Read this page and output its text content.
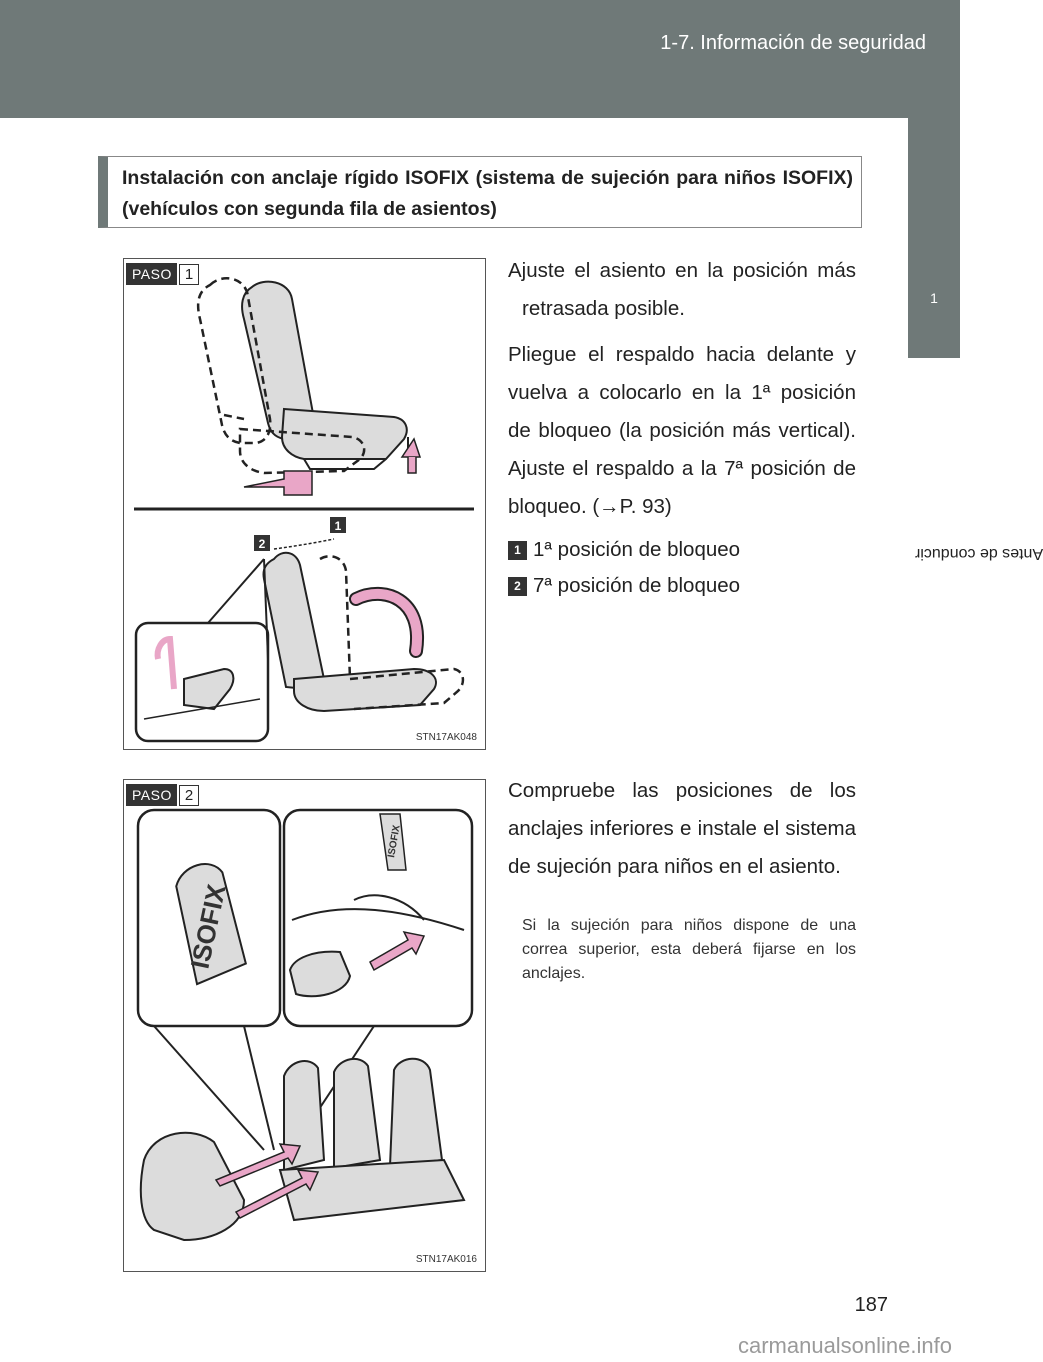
1-7. Información de seguridad
1
Antes de conducir

Instalación con anclaje rígido ISOFIX (sistema de sujeción para niños ISOFIX) (vehículos con segunda fila de asientos)

2
1
PASO 1
STN17AK048

Ajuste el asiento en la posición más retrasada posible.

Pliegue el respaldo hacia delante y vuelva a colocarlo en la 1ª posición de bloqueo (la posición más vertical). Ajuste el respaldo a la 7ª posición de bloqueo. (→P. 93)
1 1ª posición de bloqueo
2 7ª posición de bloqueo
ISOFIX
ISOFIX
PASO 2
STN17AK016
Compruebe las posiciones de los anclajes inferiores e instale el sistema de sujeción para niños en el asiento.
Si la sujeción para niños dispone de una correa superior, esta deberá fijarse en los anclajes.
187
carmanualsonline.info
